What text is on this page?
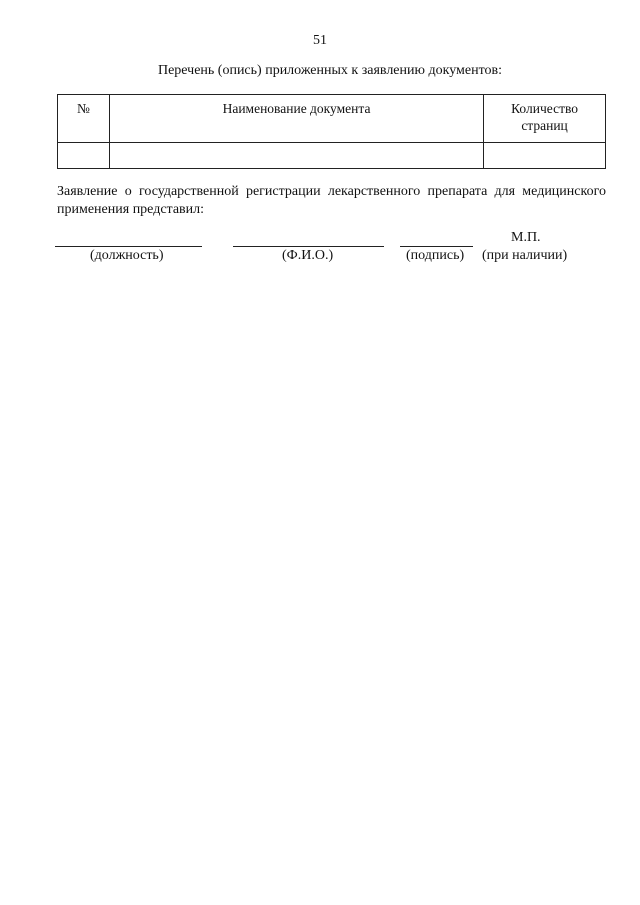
51
Перечень (опись) приложенных к заявлению документов:
№	Наименование документа	Количество
страниц

Заявление о государственной регистрации лекарственного препарата для медицинского применения представил:
М.П.
(должность)	(Ф.И.О.)	(подпись) (при наличии)
